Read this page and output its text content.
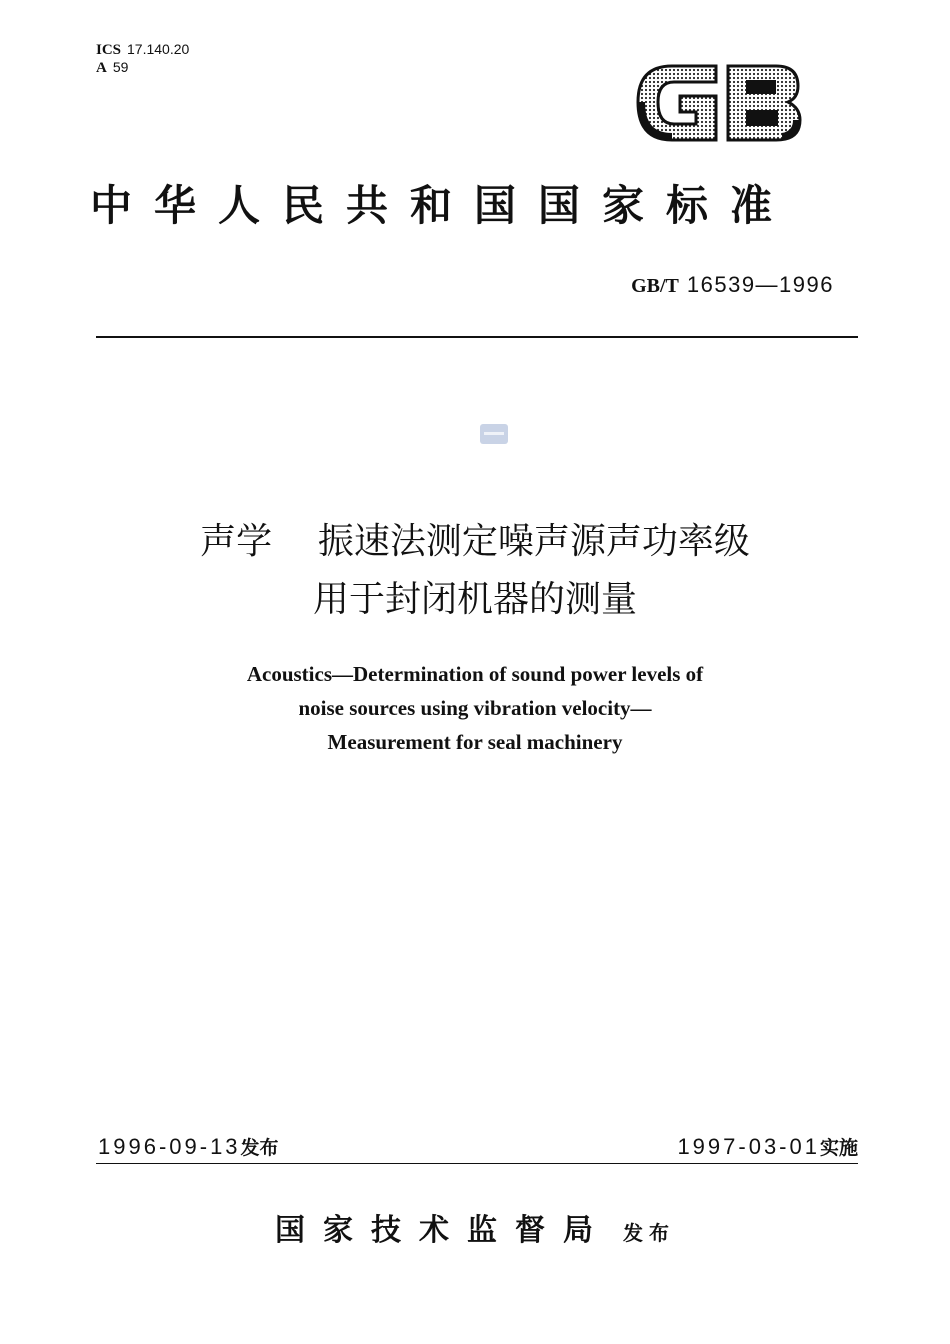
ICS 17.140.20
A 59
中华人民共和国国家标准
GB/T 16539—1996
声学    振速法测定噪声源声功率级
用于封闭机器的测量
Acoustics—Determination of sound power levels of
noise sources using vibration velocity—
Measurement for seal machinery
1996-09-13发布	1997-03-01实施
国家技术监督局 发布
